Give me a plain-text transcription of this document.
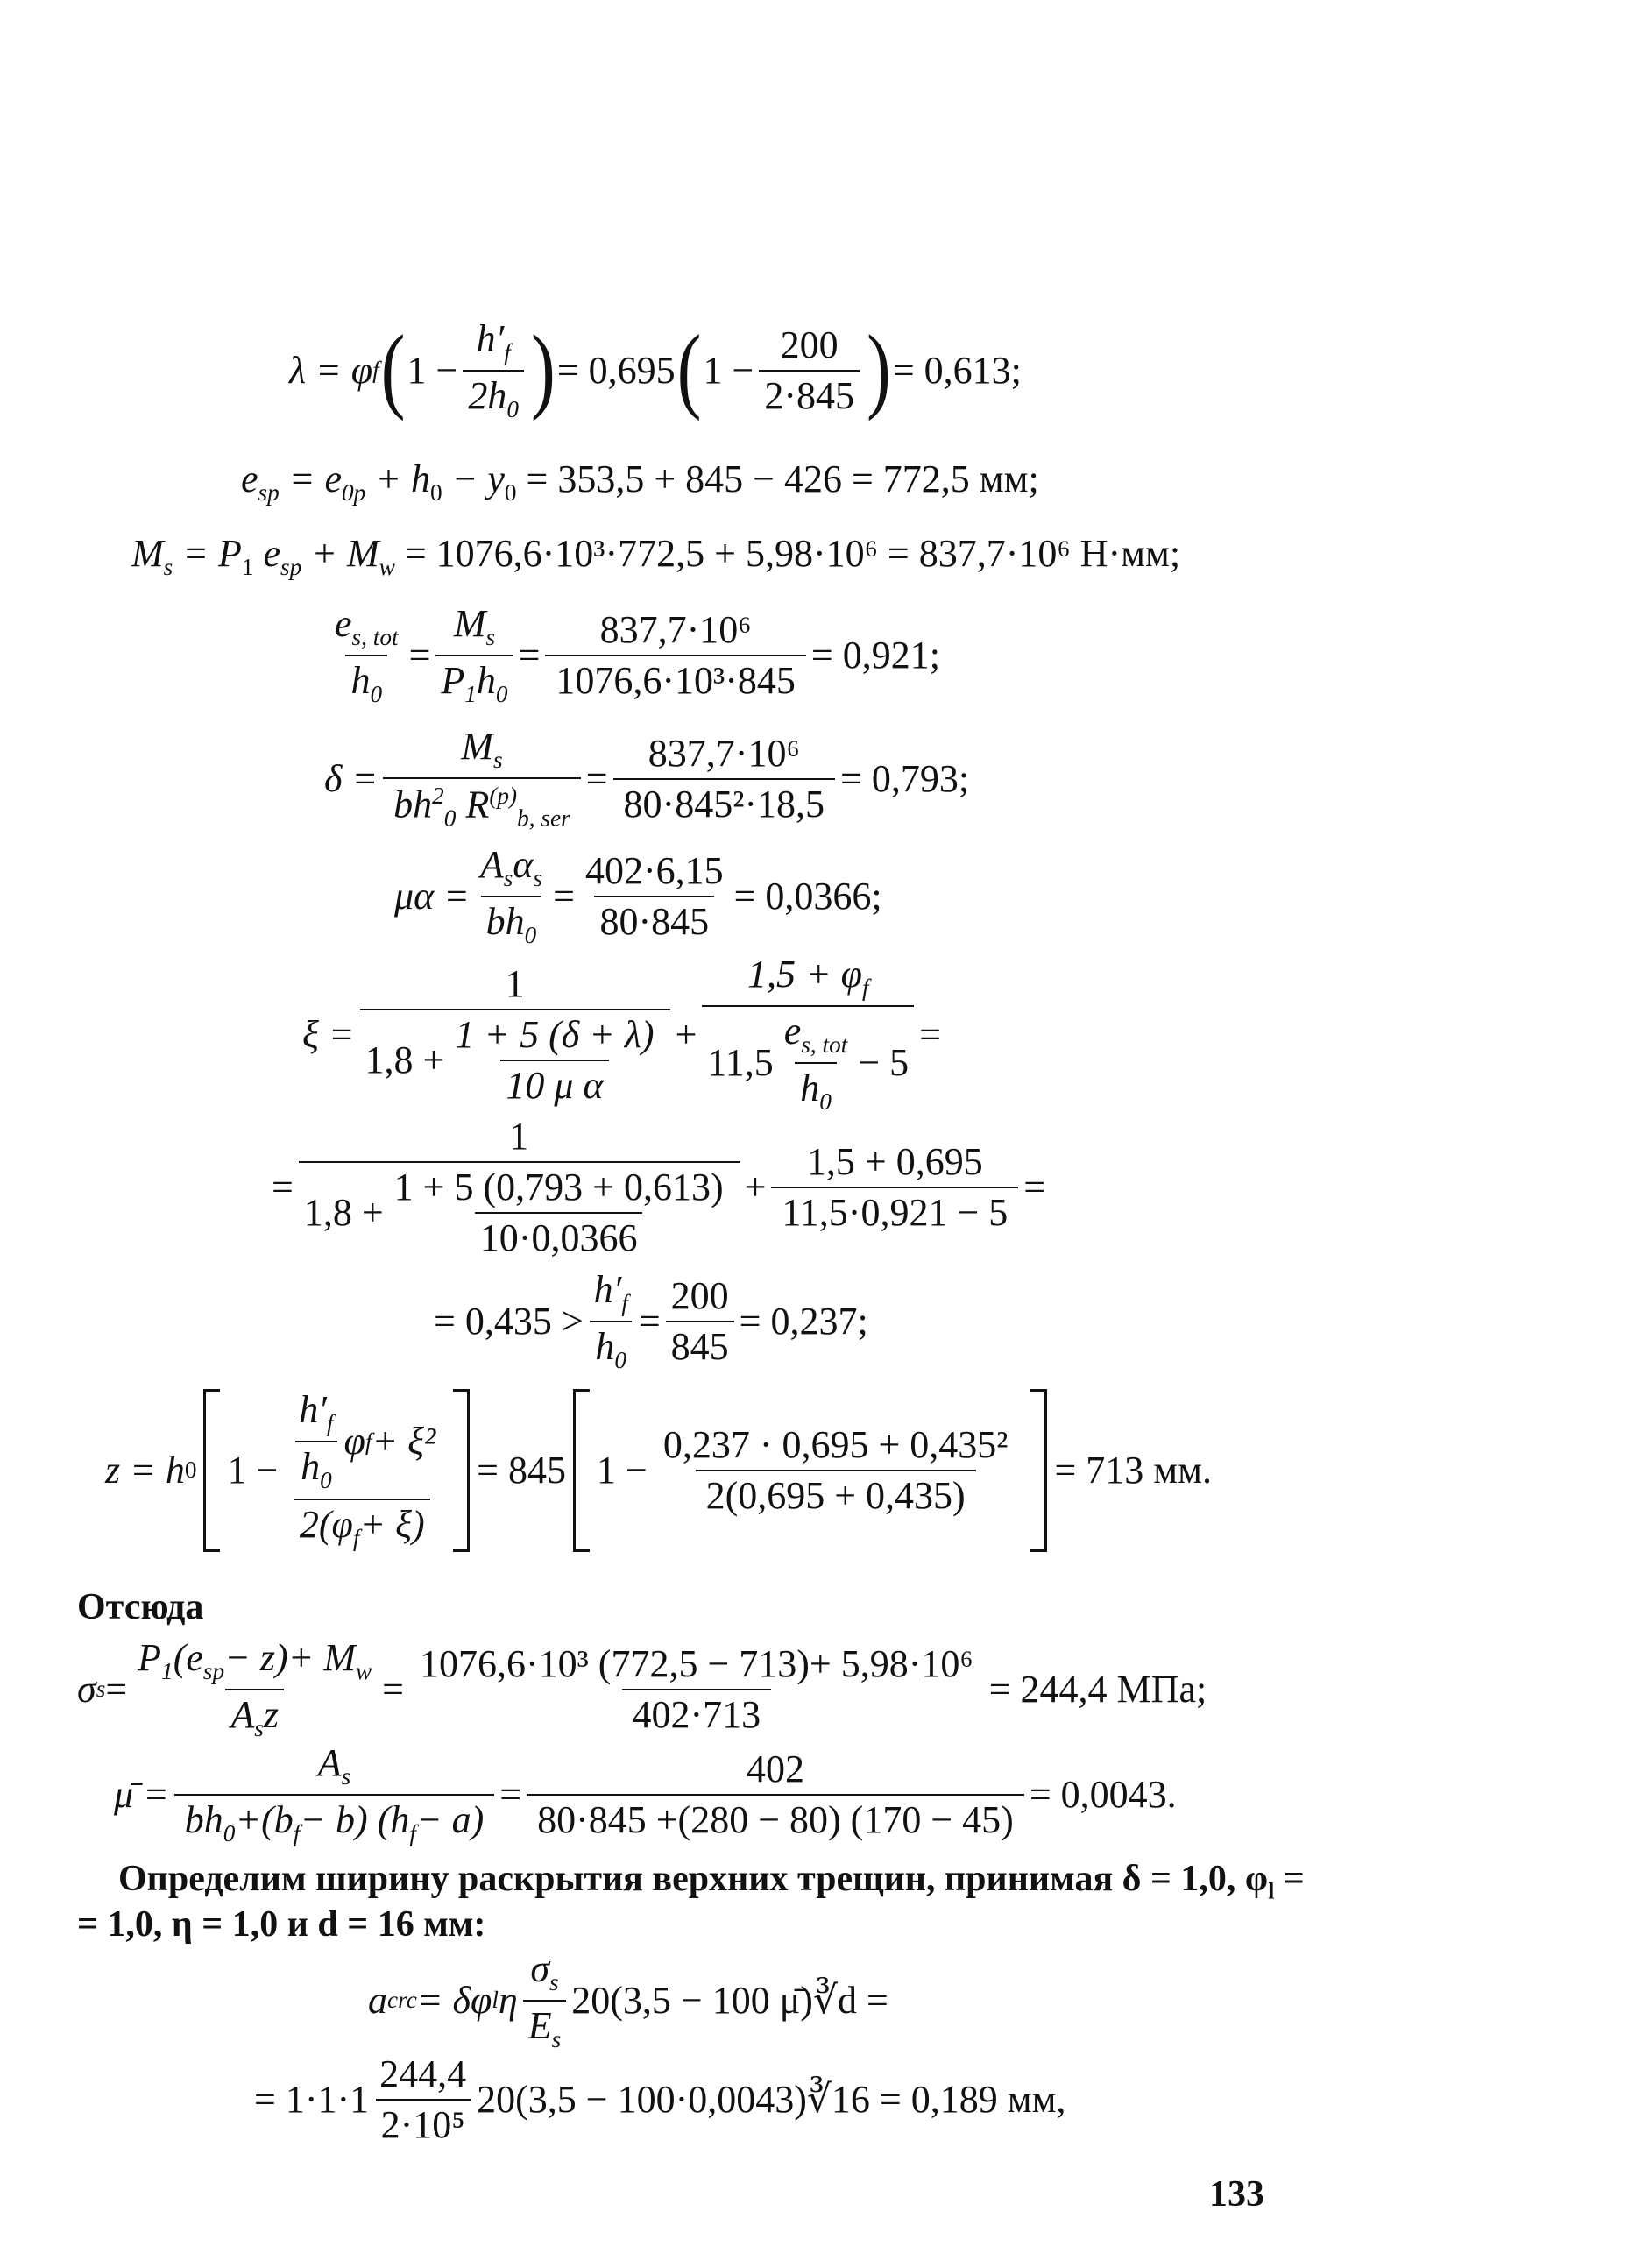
λ = φ f ( $1 - \frac{h'_f}{2h_0}$ ) = 0,695 ( $1 - \frac{200}{2\cdot 845}$ ) = 0,613;
$e_{sp} = e_{0p} + h_0 - y_0 = 353,5 + 845 - 426 = 772,5$ мм;
$M_s = P_1$ $e_{sp} + M_w = 1076,6\cdot 10^3\cdot 772,5 + 5,98\cdot 10^6 = 837,7\cdot 10^6$ Н·мм;
$\frac{e_{s, tot}}{h_0} = \frac{M_s}{P_1h_0} = \frac{\text{837,7·10⁶}}{\text{1076,6·10³·845}} = 0,921$;
$\delta = \frac{M_s}{bh^2_0 R^{(p)}_{b, ser}} = \frac{\text{837,7·10⁶}}{\text{80·845²·18,5}} = 0,793$;
$\mu\alpha = \frac{A_s\alpha_s}{bh_0} = \frac{402\cdot 6,15}{80\cdot 845} = 0,0366$;
$\xi = \frac{1}{1,8 + \frac{1 + 5 (\delta + \lambda)}{\text{10 μ α}}}$ +
$1,5 + \varphi_f$
$11,5 \frac{e_{s, tot}}{h_0} - 5$
=
=
1
$1,8 + \frac{1 + 5 (0,793 + 0,613)}{10\cdot 0,0366} + \frac{1,5 + 0,695}{11,5\cdot 0,921 - 5}$ =
= $0,435 > \frac{h'_f}{h_0} = \frac{200}{845} = 0,237$;
z = h 0 $1 - \frac{\frac{h'_f}{h_0} \varphi f + \xi^2}{2(\varphi_f+ \xi)} = 845$ $1 - \frac{\text{0,237 · 0,695 + 0,435²}}{2(0,695 + 0,435)} = 713$ мм.
Отсюда
σ $s = \frac{P_1(e_{sp}- z)+ M_w}{A_sz} = \frac{\text{1076,6·10³ (772,5 − 713)+ 5,98·10⁶}}{402\cdot 713} = 244,4$ МПа;
μ̄ = $\frac{A_s}{bh_0+(b_f- b) (h_f- a)} = \frac{402}{80\cdot 845 +(280 - 80) (170 - 45)} = 0,0043$.
Определим ширину раскрытия верхних трещин, принимая δ = 1,0, $\varphi_l$ =
= 1,0, η = 1,0 и d = 16 мм:
a crc = δφ l η $\frac{\sigma_s}{E_s} 20(3,5 - 100$ μ̄)∛d =
= $1\cdot 1\cdot 1 \frac{244,4}{\text{2·10⁵}} 20(3,5$ − 100·0,0043)∛16 = 0,189 мм,
133
